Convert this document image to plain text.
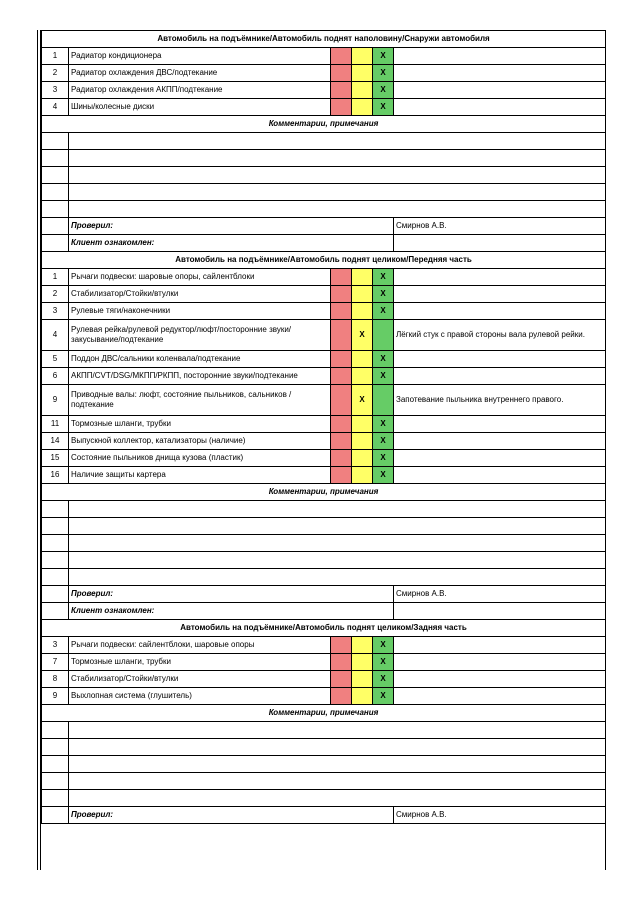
Автомобиль на подъёмнике/Автомобиль поднят наполовину/Снаружи автомобиля					
1	Радиатор кондиционера			X	
2	Радиатор охлаждения ДВС/подтекание			X	
3	Радиатор охлаждения АКПП/подтекание			X	
4	Шины/колесные диски			X	
Комментарии, примечания					

	Проверил:				Смирнов А.В.
	Клиент ознакомлен:				
Автомобиль на подъёмнике/Автомобиль поднят целиком/Передняя часть					
1	Рычаги подвески: шаровые опоры, сайлентблоки			X	
2	Стабилизатор/Стойки/втулки			X	
3	Рулевые тяги/наконечники			X	
4	Рулевая рейка/рулевой редуктор/люфт/посторонние звуки/ закусывание/подтекание		X		Лёгкий стук с правой стороны вала рулевой рейки.
5	Поддон ДВС/сальники коленвала/подтекание			X	
6	АКПП/CVT/DSG/МКПП/РКПП, посторонние звуки/подтекание			X	
9	Приводные валы: люфт, состояние пыльников, сальников / подтекание		X		Запотевание пыльника внутреннего правого.
11	Тормозные шланги, трубки			X	
14	Выпускной коллектор, катализаторы (наличие)			X	
15	Состояние пыльников днища кузова (пластик)			X	
16	Наличие защиты картера			X	
Комментарии, примечания					

	Проверил:				Смирнов А.В.
	Клиент ознакомлен:				
Автомобиль на подъёмнике/Автомобиль поднят целиком/Задняя часть					
3	Рычаги подвески: сайлентблоки, шаровые опоры			X	
7	Тормозные шланги, трубки			X	
8	Стабилизатор/Стойки/втулки			X	
9	Выхлопная система (глушитель)			X	
Комментарии, примечания					

	Проверил:				Смирнов А.В.
